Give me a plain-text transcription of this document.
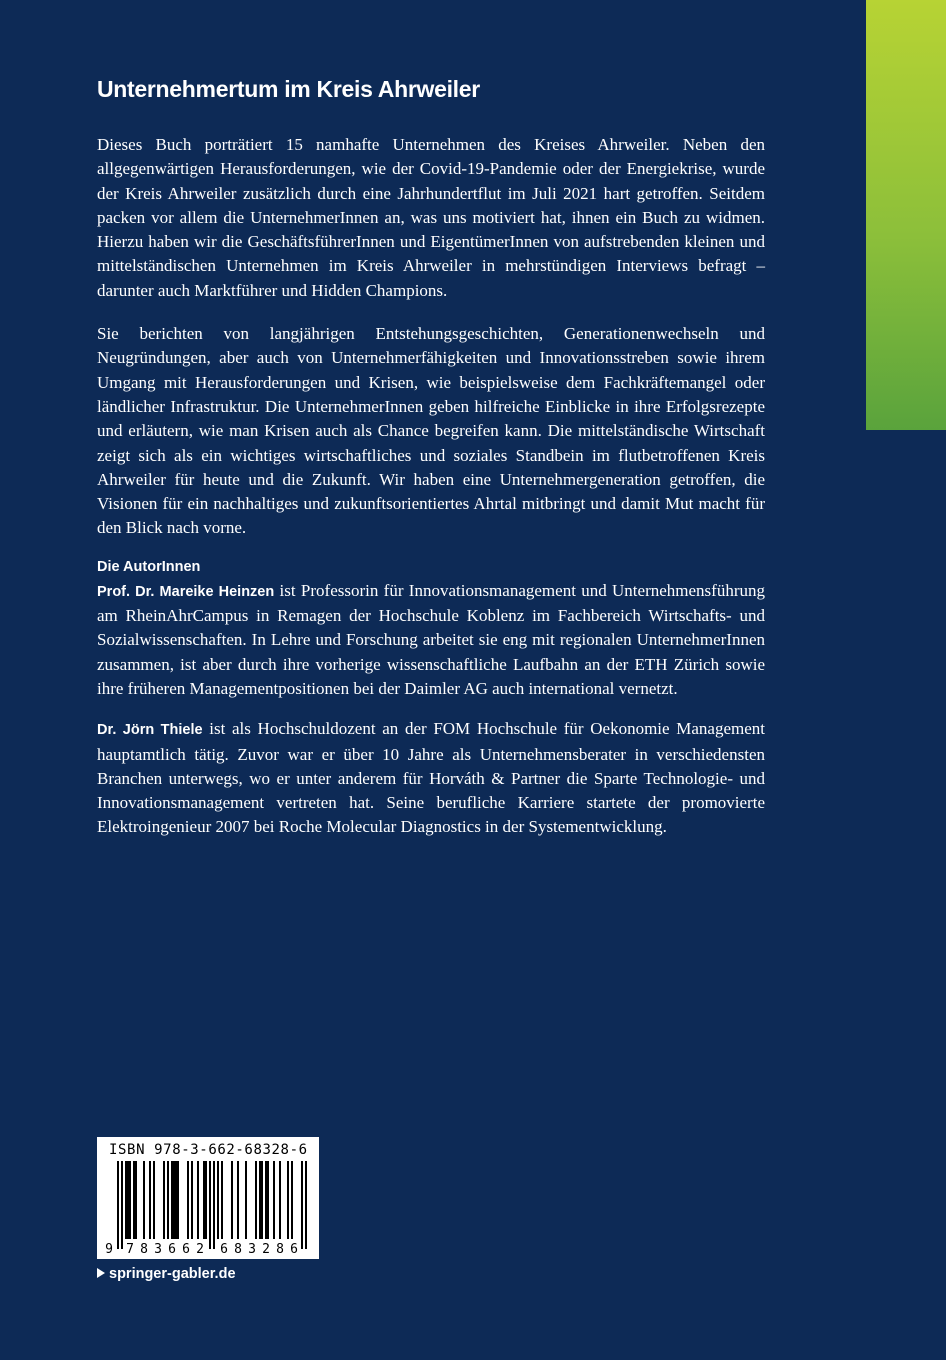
Unternehmertum im Kreis Ahrweiler

Dieses Buch porträtiert 15 namhafte Unternehmen des Kreises Ahrweiler. Neben den allgegenwärtigen Herausforderungen, wie der Covid-19-Pandemie oder der Energiekrise, wurde der Kreis Ahrweiler zusätzlich durch eine Jahrhundertflut im Juli 2021 hart getroffen. Seitdem packen vor allem die UnternehmerInnen an, was uns motiviert hat, ihnen ein Buch zu widmen. Hierzu haben wir die GeschäftsführerInnen und EigentümerInnen von aufstrebenden kleinen und mittelständischen Unternehmen im Kreis Ahrweiler in mehrstündigen Interviews befragt – darunter auch Marktführer und Hidden Champions.

Sie berichten von langjährigen Entstehungsgeschichten, Generationenwechseln und Neugründungen, aber auch von Unternehmerfähigkeiten und Innovationsstreben sowie ihrem Umgang mit Herausforderungen und Krisen, wie beispielsweise dem Fachkräftemangel oder ländlicher Infrastruktur. Die UnternehmerInnen geben hilfreiche Einblicke in ihre Erfolgsrezepte und erläutern, wie man Krisen auch als Chance begreifen kann. Die mittelständische Wirtschaft zeigt sich als ein wichtiges wirtschaftliches und soziales Standbein im flutbetroffenen Kreis Ahrweiler für heute und die Zukunft. Wir haben eine Unternehmergeneration getroffen, die Visionen für ein nachhaltiges und zukunftsorientiertes Ahrtal mitbringt und damit Mut macht für den Blick nach vorne.

Die AutorInnen

Prof. Dr. Mareike Heinzen ist Professorin für Innovationsmanagement und Unternehmensführung am RheinAhrCampus in Remagen der Hochschule Koblenz im Fachbereich Wirtschafts- und Sozialwissenschaften. In Lehre und Forschung arbeitet sie eng mit regionalen UnternehmerInnen zusammen, ist aber durch ihre vorherige wissenschaftliche Laufbahn an der ETH Zürich sowie ihre früheren Managementpositionen bei der Daimler AG auch international vernetzt.

Dr. Jörn Thiele ist als Hochschuldozent an der FOM Hochschule für Oekonomie Management hauptamtlich tätig. Zuvor war er über 10 Jahre als Unternehmensberater in verschiedensten Branchen unterwegs, wo er unter anderem für Horváth & Partner die Sparte Technologie- und Innovationsmanagement vertreten hat. Seine berufliche Karriere startete der promovierte Elektroingenieur 2007 bei Roche Molecular Diagnostics in der Systementwicklung.

ISBN 978-3-662-68328-6
9 7 8 3 6 6 2 6 8 3 2 8 6
springer-gabler.de
